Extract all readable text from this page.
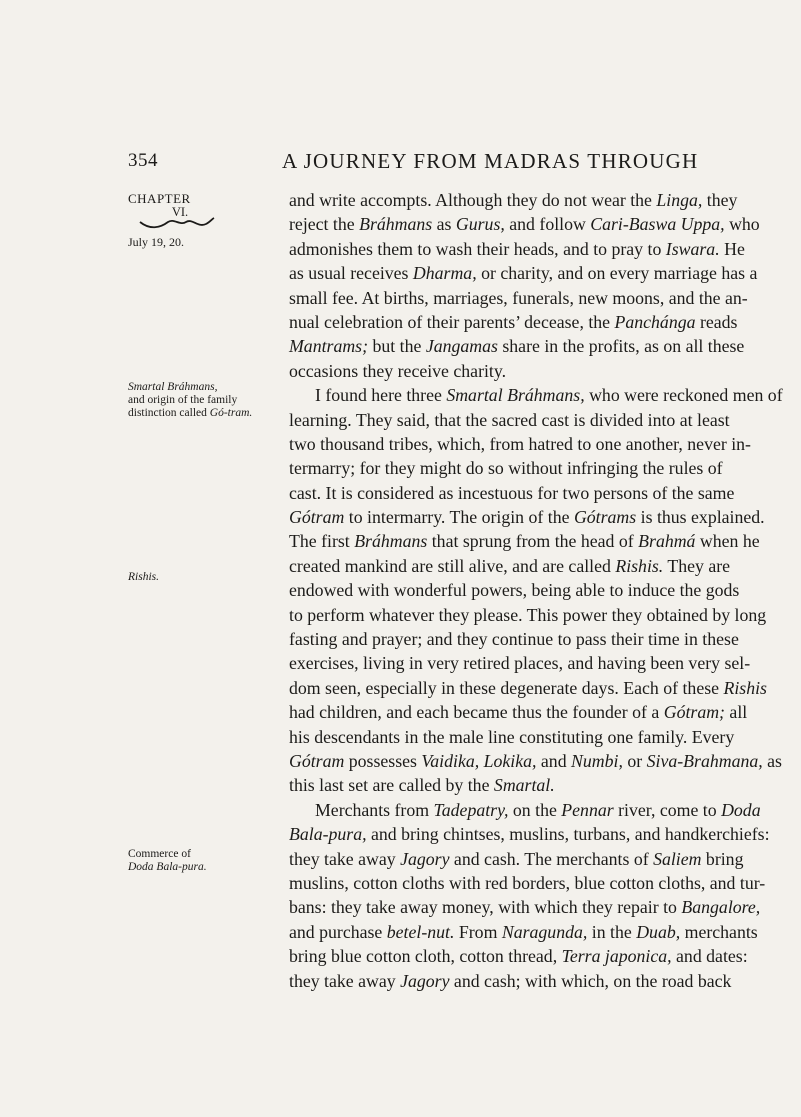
354	A JOURNEY FROM MADRAS THROUGH
CHAPTER
VI.
July 19, 20.
Smartal Bráhmans,
and origin of the family distinction called Gó-tram.
Rishis.
Commerce of
Doda Bala-pura.
and write accompts. Although they do not wear the Linga, they
reject the Bráhmans as Gurus, and follow Cari-Baswa Uppa, who
admonishes them to wash their heads, and to pray to Iswara. He
as usual receives Dharma, or charity, and on every marriage has a
small fee. At births, marriages, funerals, new moons, and the an-
nual celebration of their parents’ decease, the Panchánga reads
Mantrams; but the Jangamas share in the profits, as on all these
occasions they receive charity.
I found here three Smartal Bráhmans, who were reckoned men of
learning. They said, that the sacred cast is divided into at least
two thousand tribes, which, from hatred to one another, never in-
termarry; for they might do so without infringing the rules of
cast. It is considered as incestuous for two persons of the same
Gótram to intermarry. The origin of the Gótrams is thus explained.
The first Bráhmans that sprung from the head of Brahmá when he
created mankind are still alive, and are called Rishis. They are
endowed with wonderful powers, being able to induce the gods
to perform whatever they please. This power they obtained by long
fasting and prayer; and they continue to pass their time in these
exercises, living in very retired places, and having been very sel-
dom seen, especially in these degenerate days. Each of these Rishis
had children, and each became thus the founder of a Gótram; all
his descendants in the male line constituting one family. Every
Gótram possesses Vaidika, Lokika, and Numbi, or Siva-Brahmana, as
this last set are called by the Smartal.
Merchants from Tadepatry, on the Pennar river, come to Doda
Bala-pura, and bring chintses, muslins, turbans, and handkerchiefs:
they take away Jagory and cash. The merchants of Saliem bring
muslins, cotton cloths with red borders, blue cotton cloths, and tur-
bans: they take away money, with which they repair to Bangalore,
and purchase betel-nut. From Naragunda, in the Duab, merchants
bring blue cotton cloth, cotton thread, Terra japonica, and dates:
they take away Jagory and cash; with which, on the road back
